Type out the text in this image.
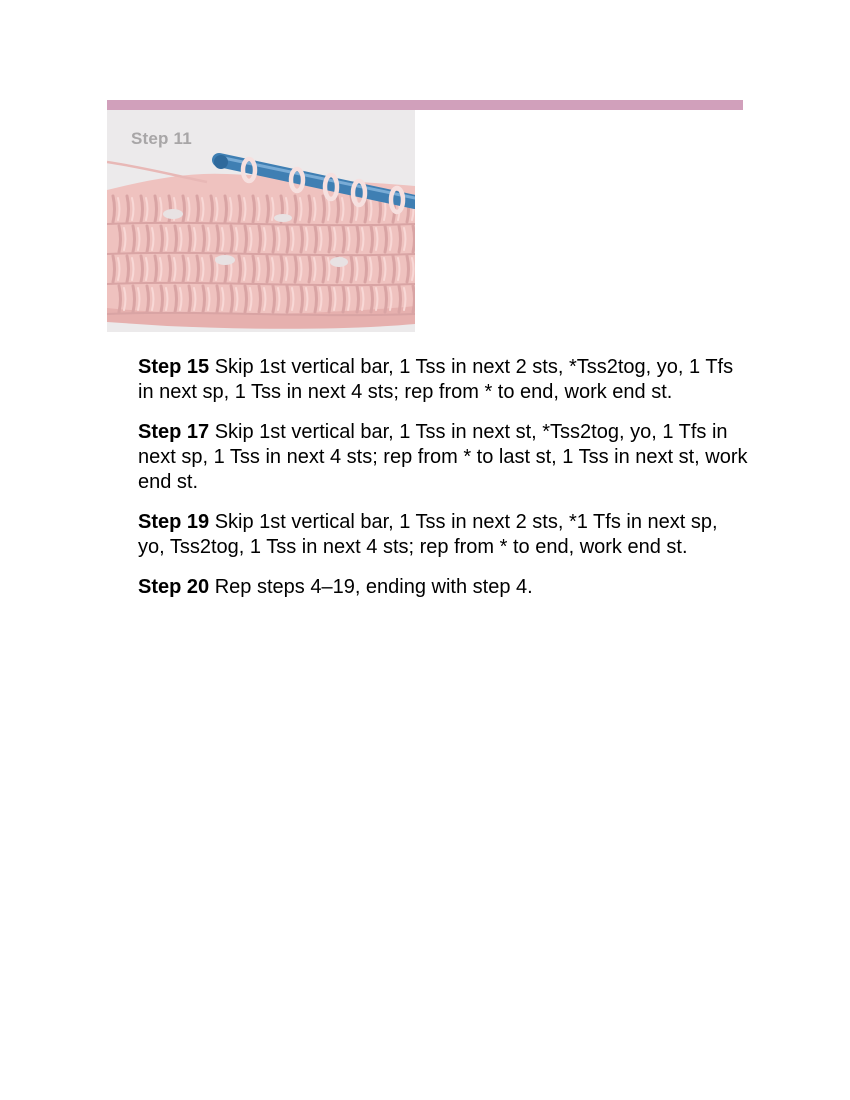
Step 11

Step 15 Skip 1st vertical bar, 1 Tss in next 2 sts, *Tss2tog, yo, 1 Tfs in next sp, 1 Tss in next 4 sts; rep from * to end, work end st.

Step 17 Skip 1st vertical bar, 1 Tss in next st, *Tss2tog, yo, 1 Tfs in next sp, 1 Tss in next 4 sts; rep from * to last st, 1 Tss in next st, work end st.

Step 19 Skip 1st vertical bar, 1 Tss in next 2 sts, *1 Tfs in next sp, yo, Tss2tog, 1 Tss in next 4 sts; rep from * to end, work end st.

Step 20 Rep steps 4–19, ending with step 4.
